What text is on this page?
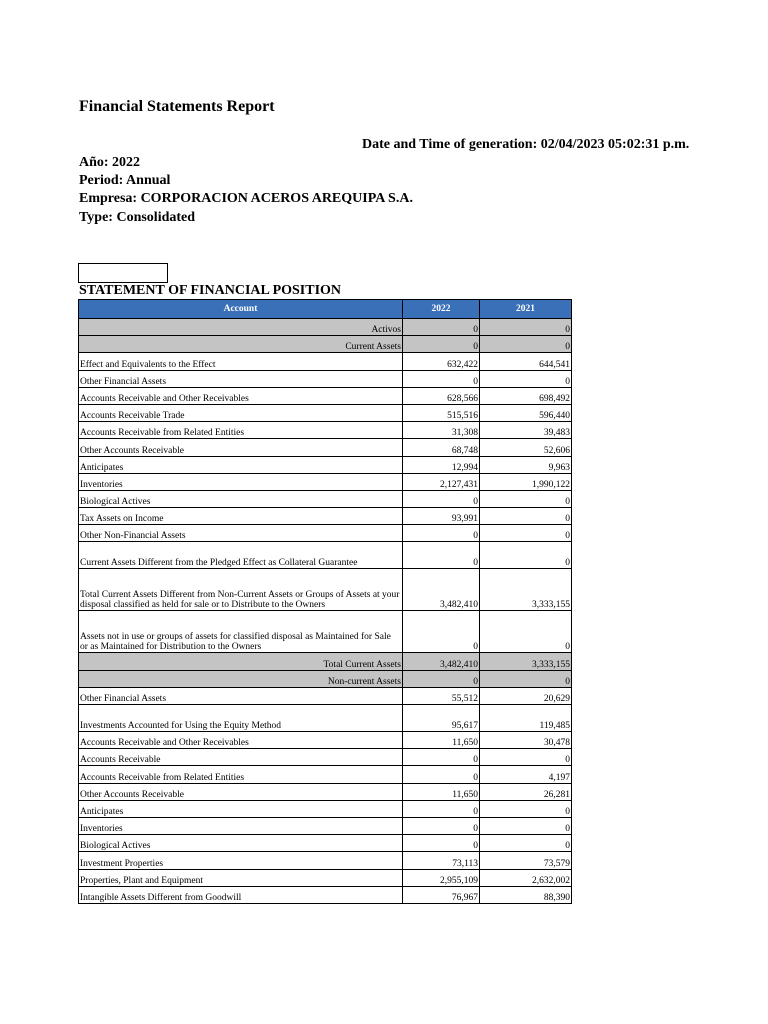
Financial Statements Report
Date and Time of generation: 02/04/2023 05:02:31 p.m.
Año: 2022
Period: Annual
Empresa: CORPORACION ACEROS AREQUIPA S.A.
Type: Consolidated
STATEMENT OF FINANCIAL POSITION
Account	2022	2021
Activos	0	0
Current Assets	0	0
Effect and Equivalents to the Effect	632,422	644,541
Other Financial Assets	0	0
Accounts Receivable and Other Receivables	628,566	698,492
Accounts Receivable Trade	515,516	596,440
Accounts Receivable from Related Entities	31,308	39,483
Other Accounts Receivable	68,748	52,606
Anticipates	12,994	9,963
Inventories	2,127,431	1,990,122
Biological Actives	0	0
Tax Assets on Income	93,991	0
Other Non-Financial Assets	0	0
Current Assets Different from the Pledged Effect as Collateral Guarantee	0	0
Total Current Assets Different from Non-Current Assets or Groups of Assets at your disposal classified as held for sale or to Distribute to the Owners	3,482,410	3,333,155
Assets not in use or groups of assets for classified disposal as Maintained for Sale or as Maintained for Distribution to the Owners	0	0
Total Current Assets	3,482,410	3,333,155
Non-current Assets	0	0
Other Financial Assets	55,512	20,629
Investments Accounted for Using the Equity Method	95,617	119,485
Accounts Receivable and Other Receivables	11,650	30,478
Accounts Receivable	0	0
Accounts Receivable from Related Entities	0	4,197
Other Accounts Receivable	11,650	26,281
Anticipates	0	0
Inventories	0	0
Biological Actives	0	0
Investment Properties	73,113	73,579
Properties, Plant and Equipment	2,955,109	2,632,002
Intangible Assets Different from Goodwill	76,967	88,390
